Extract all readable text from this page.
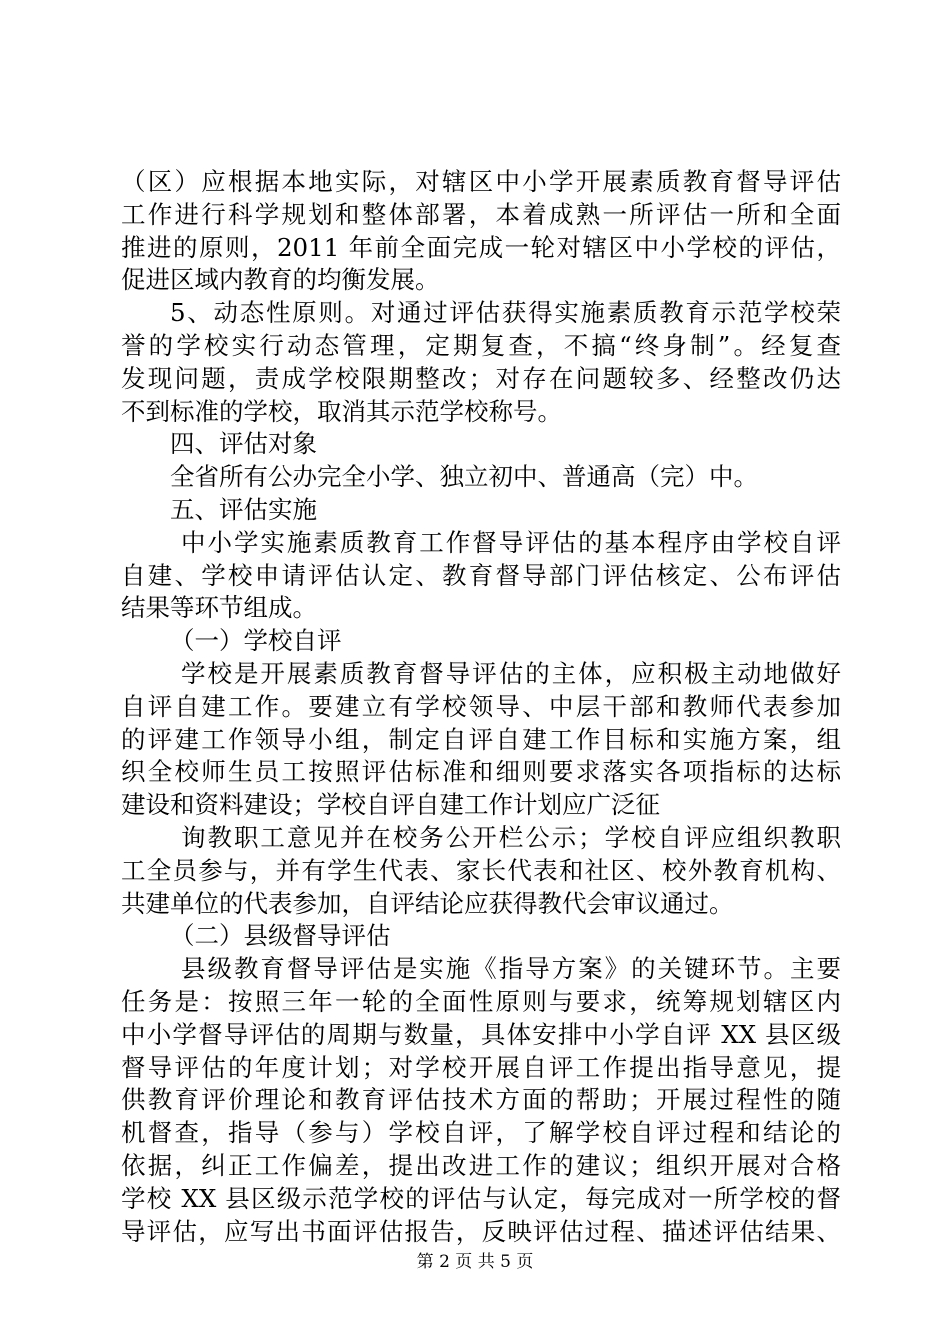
（区）应根据本地实际，对辖区中小学开展素质教育督导评估
工作进行科学规划和整体部署，本着成熟一所评估一所和全面
推进的原则，2011 年前全面完成一轮对辖区中小学校的评估，
促进区域内教育的均衡发展。
5、动态性原则。对通过评估获得实施素质教育示范学校荣
誉的学校实行动态管理，定期复查，不搞“终身制”。经复查
发现问题，责成学校限期整改；对存在问题较多、经整改仍达
不到标准的学校，取消其示范学校称号。
四、评估对象
全省所有公办完全小学、独立初中、普通高（完）中。
五、评估实施
中小学实施素质教育工作督导评估的基本程序由学校自评
自建、学校申请评估认定、教育督导部门评估核定、公布评估
结果等环节组成。
（一）学校自评
学校是开展素质教育督导评估的主体，应积极主动地做好
自评自建工作。要建立有学校领导、中层干部和教师代表参加
的评建工作领导小组，制定自评自建工作目标和实施方案，组
织全校师生员工按照评估标准和细则要求落实各项指标的达标
建设和资料建设；学校自评自建工作计划应广泛征
询教职工意见并在校务公开栏公示；学校自评应组织教职
工全员参与，并有学生代表、家长代表和社区、校外教育机构、
共建单位的代表参加，自评结论应获得教代会审议通过。
（二）县级督导评估
县级教育督导评估是实施《指导方案》的关键环节。主要
任务是：按照三年一轮的全面性原则与要求，统筹规划辖区内
中小学督导评估的周期与数量，具体安排中小学自评 XX 县区级
督导评估的年度计划；对学校开展自评工作提出指导意见，提
供教育评价理论和教育评估技术方面的帮助；开展过程性的随
机督查，指导（参与）学校自评，了解学校自评过程和结论的
依据，纠正工作偏差，提出改进工作的建议；组织开展对合格
学校 XX 县区级示范学校的评估与认定，每完成对一所学校的督
导评估，应写出书面评估报告，反映评估过程、描述评估结果、
第 2 页 共 5 页
